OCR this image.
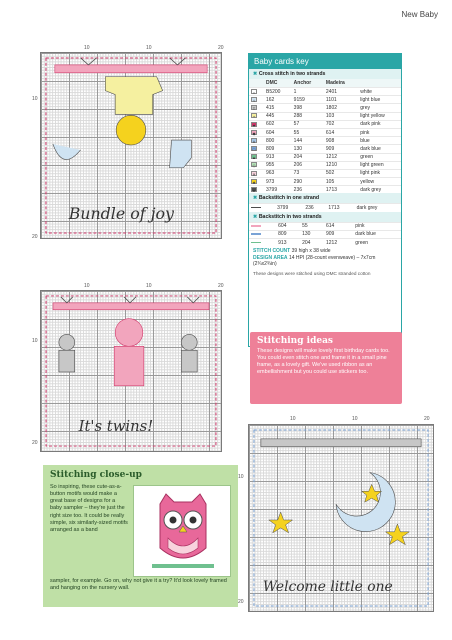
New Baby
10	10	20
10
20
Bundle of joy
10	10	20
10
20
It's twins!	10	10	20
10
20
Welcome little one
Baby cards key
✖ Cross stitch in two strands
	DMC	Anchor	Madeira	
○	B5200	1	2401	white
t	162	9159	1101	light blue
T	415	398	1802	grey
+	445	288	103	light yellow
♥	602	57	702	dark pink
◆	604	55	614	pink
∧	800	144	908	blue
□	809	130	909	dark blue
▲	913	204	1212	green
◇	955	206	1210	light green
✕	963	73	502	light pink
★	973	290	105	yellow
●	3799	236	1713	dark grey
✖ Backstitch in one strand
	3799	236	1713	dark grey
✖ Backstitch in two strands
	604	55	614	pink
	809	130	909	dark blue
	913	204	1212	green
STITCH COUNT 39 high x 38 wide
DESIGN AREA 14 HPI (28-count evenweave) – 7x7cm (2¾x2¾in)
These designs were stitched using DMC stranded cotton
Stitching ideas

These designs will make lovely first birthday cards too. You could even stitch one and frame it in a small pine frame, as a lovely gift. We've used ribbon as an embellishment but you could use stickers too.

Stitching close-up

So inspiring, these cute-as-a-button motifs would make a great base of designs for a baby sampler – they're just the right size too. It could be really simple, six similarly-sized motifs arranged as a band

sampler, for example. Go on, why not give it a try? It'd look lovely framed and hanging on the nursery wall.
